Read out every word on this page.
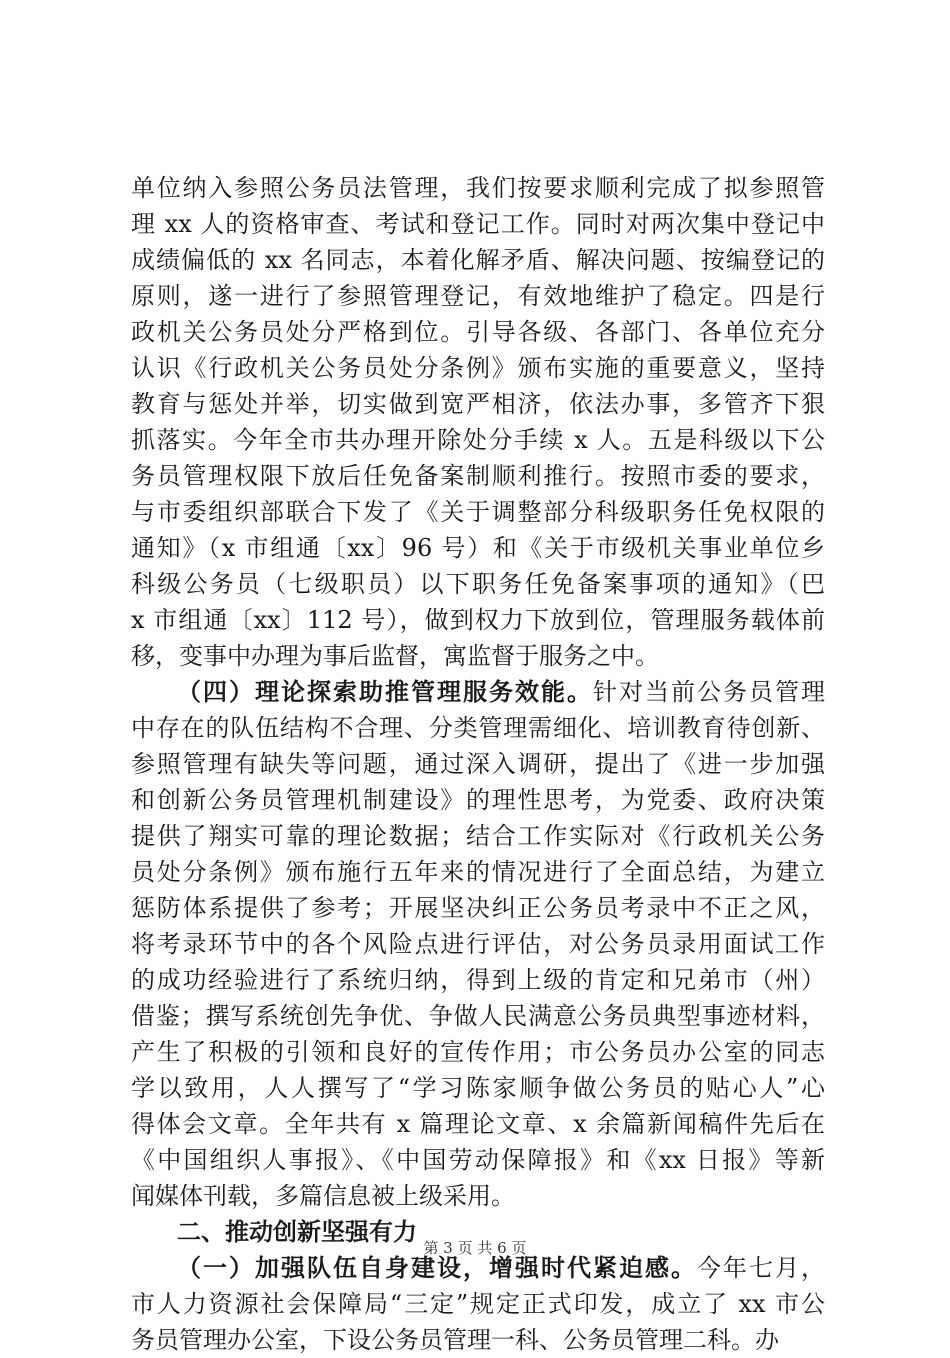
单位纳入参照公务员法管理，我们按要求顺利完成了拟参照管
理 xx 人的资格审查、考试和登记工作。同时对两次集中登记中
成绩偏低的 xx 名同志，本着化解矛盾、解决问题、按编登记的
原则，遂一进行了参照管理登记，有效地维护了稳定。四是行
政机关公务员处分严格到位。引导各级、各部门、各单位充分
认识《行政机关公务员处分条例》颁布实施的重要意义，坚持
教育与惩处并举，切实做到宽严相济，依法办事，多管齐下狠
抓落实。今年全市共办理开除处分手续 x 人。五是科级以下公
务员管理权限下放后任免备案制顺利推行。按照市委的要求，
与市委组织部联合下发了《关于调整部分科级职务任免权限的
通知》（x 市组通〔xx〕96 号）和《关于市级机关事业单位乡
科级公务员（七级职员）以下职务任免备案事项的通知》（巴
x 市组通〔xx〕112 号），做到权力下放到位，管理服务载体前
移，变事中办理为事后监督，寓监督于服务之中。
（四）理论探索助推管理服务效能。针对当前公务员管理
中存在的队伍结构不合理、分类管理需细化、培训教育待创新、
参照管理有缺失等问题，通过深入调研，提出了《进一步加强
和创新公务员管理机制建设》的理性思考，为党委、政府决策
提供了翔实可靠的理论数据；结合工作实际对《行政机关公务
员处分条例》颁布施行五年来的情况进行了全面总结，为建立
惩防体系提供了参考；开展坚决纠正公务员考录中不正之风，
将考录环节中的各个风险点进行评估，对公务员录用面试工作
的成功经验进行了系统归纳，得到上级的肯定和兄弟市（州）
借鉴；撰写系统创先争优、争做人民满意公务员典型事迹材料，
产生了积极的引领和良好的宣传作用；市公务员办公室的同志
学以致用，人人撰写了“学习陈家顺争做公务员的贴心人”心
得体会文章。全年共有 x 篇理论文章、x 余篇新闻稿件先后在
《中国组织人事报》、《中国劳动保障报》和《xx 日报》等新
闻媒体刊载，多篇信息被上级采用。
二、推动创新坚强有力
（一）加强队伍自身建设，增强时代紧迫感。今年七月，
市人力资源社会保障局“三定”规定正式印发，成立了 xx 市公
务员管理办公室，下设公务员管理一科、公务员管理二科。办
第 3 页 共 6 页
